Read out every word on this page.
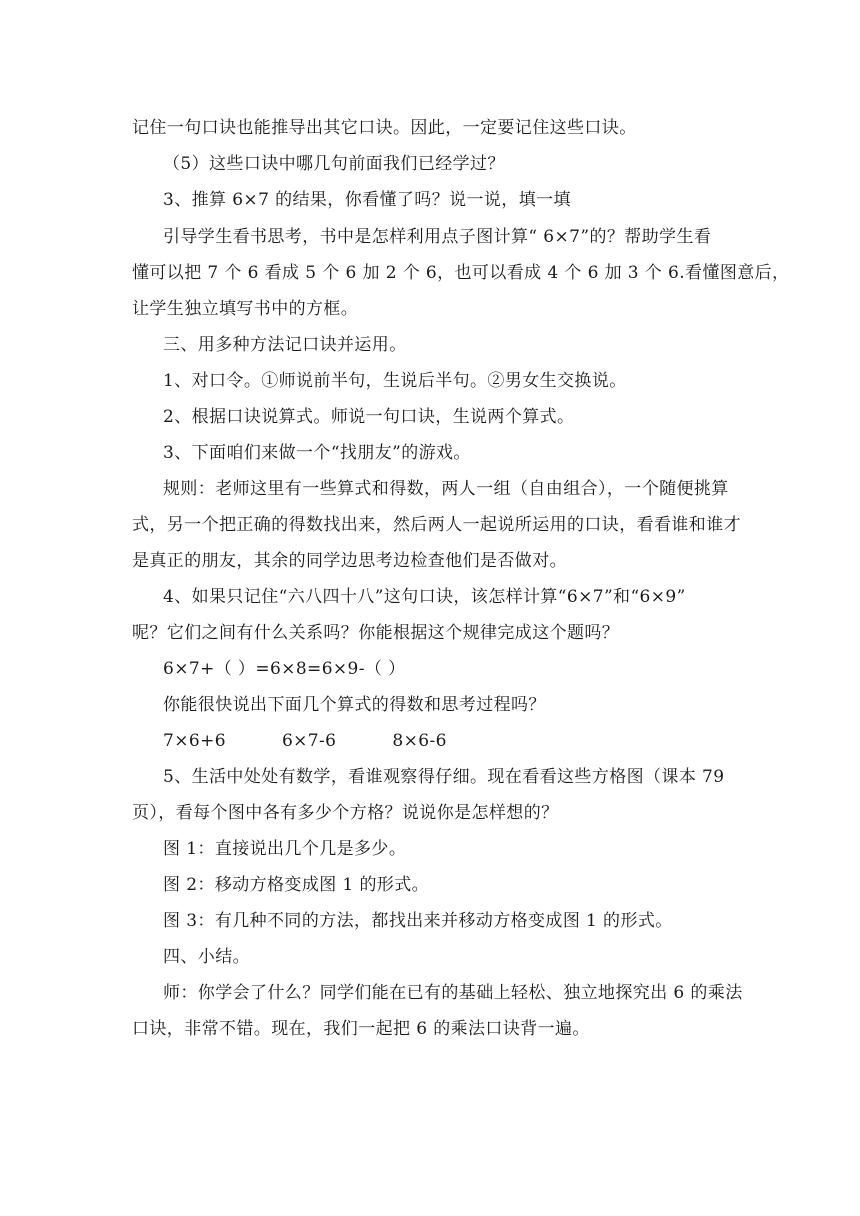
记住一句口诀也能推导出其它口诀。因此，一定要记住这些口诀。
（5）这些口诀中哪几句前面我们已经学过？
3、推算 6×7 的结果，你看懂了吗？说一说，填一填
引导学生看书思考，书中是怎样利用点子图计算“ 6×7”的？帮助学生看
懂可以把 7 个 6 看成 5 个 6 加 2 个 6，也可以看成 4 个 6 加 3 个 6.看懂图意后，
让学生独立填写书中的方框。
三、用多种方法记口诀并运用。
1、对口令。①师说前半句，生说后半句。②男女生交换说。
2、根据口诀说算式。师说一句口诀，生说两个算式。
3、下面咱们来做一个“找朋友”的游戏。
规则：老师这里有一些算式和得数，两人一组（自由组合），一个随便挑算
式，另一个把正确的得数找出来，然后两人一起说所运用的口诀，看看谁和谁才
是真正的朋友，其余的同学边思考边检查他们是否做对。
4、如果只记住“六八四十八”这句口诀，该怎样计算“6×7”和“6×9”
呢？它们之间有什么关系吗？你能根据这个规律完成这个题吗？
6×7+（ ）=6×8=6×9-（ ）
你能很快说出下面几个算式的得数和思考过程吗？
7×6+6	6×7-6	8×6-6
5、生活中处处有数学，看谁观察得仔细。现在看看这些方格图（课本 79
页），看每个图中各有多少个方格？说说你是怎样想的？
图 1：直接说出几个几是多少。
图 2：移动方格变成图 1 的形式。
图 3：有几种不同的方法，都找出来并移动方格变成图 1 的形式。
四、小结。
师：你学会了什么？同学们能在已有的基础上轻松、独立地探究出 6 的乘法
口诀，非常不错。现在，我们一起把 6 的乘法口诀背一遍。
